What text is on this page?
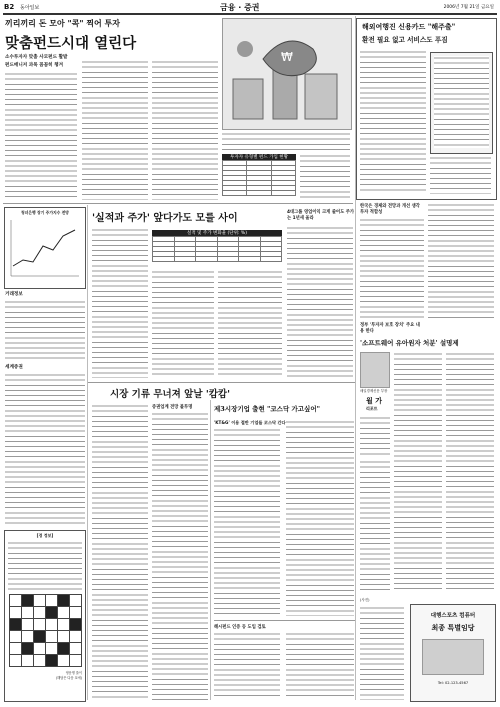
B2 동아일보	금융 · 증권	2006년 7월 21일 금요일
끼리끼리 돈 모아 "콕" 찍어 투자
맞춤펀드시대 열린다
소수투자자 맞춤 사모펀드 활발
펀드매니저 과목 꼼꼼히 챙겨
₩
투자자 유형별 펀드 가입 현황

해외여행진 신용카드 "해주출"
환전 필요 없고 서비스도 푸짐
청녀은행 장기 주가지수 전망
거래정보
세계증권
[경 정보]

영문명 풀이
(해답은 다음 호에)
'실적과 주가' 앞다가도 모를 사이
실적 및 주가 변화율 (단위: %)

4대그룹 영업이익 크게 줄어도 주가는 1년새 올라
한국은 경제와 전망과 개선 생각 투자 적합성
정부 '투자자 보호 장치' 주요 내용 한다
'소프트웨어 유아원자 처분' 설명제
매일경제신문 부장
월 가
리포트
시장 기류 무너져 앞날 '캄캄'
증권업계 전망 불투명	제3시장기업 출현 "코스닥 가고싶어"
'KT&G' 이용 절반 기업들 코스닥 간다
해시펀드 인증 등 도입 검토
(사진)
대행스포츠 컴퓨터
최종 특별임당
Tel: 02-123-4567
